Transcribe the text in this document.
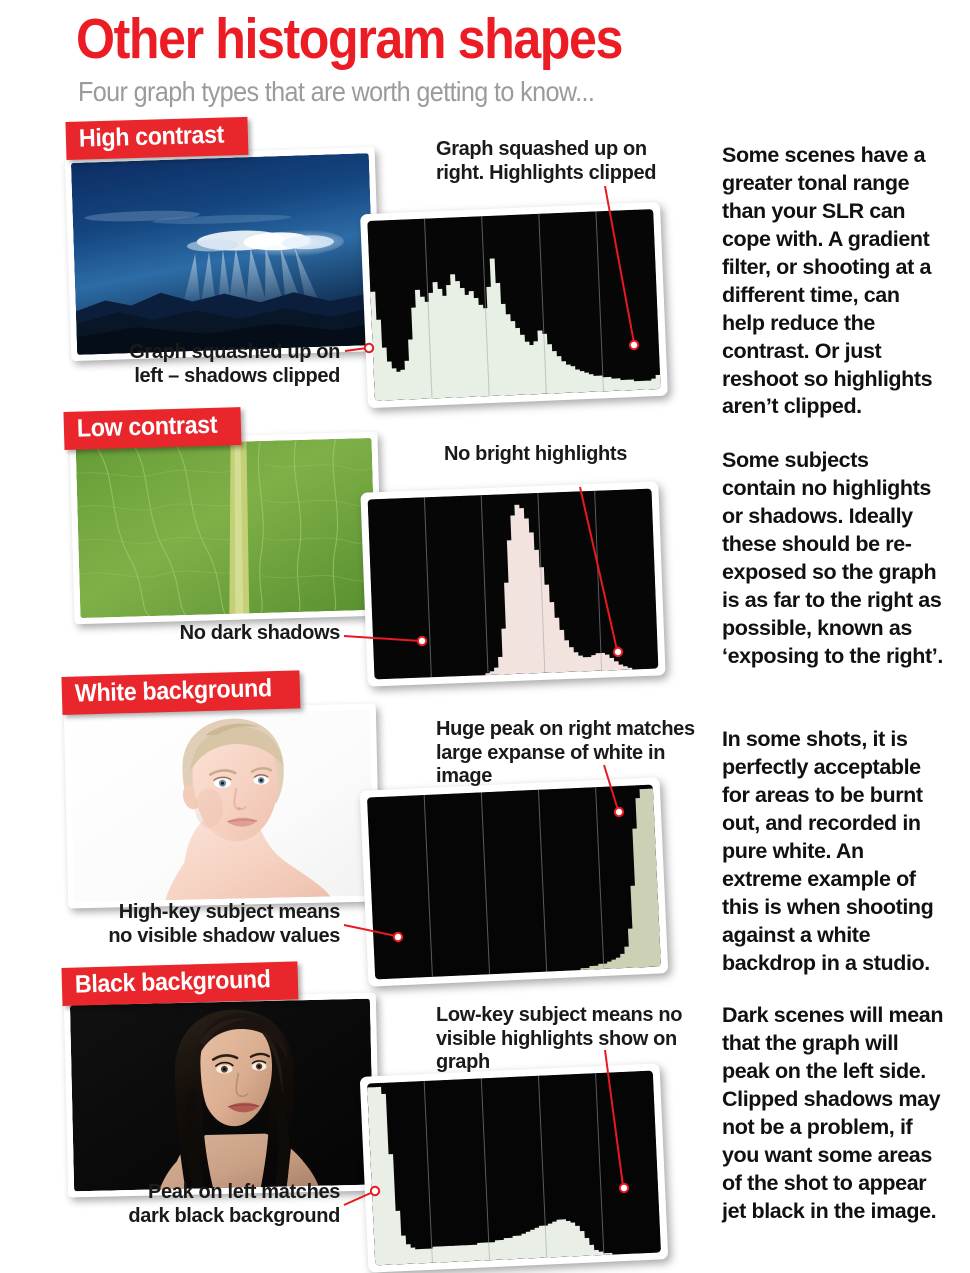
Other histogram shapes
Four graph types that are worth getting to know...
High contrast	Graph squashed up on right. Highlights clipped
Graph squashed up on left – shadows clipped
Some scenes have a greater tonal range than your SLR can cope with. A gradient filter, or shooting at a different time, can help reduce the contrast. Or just reshoot so highlights aren’t clipped.
Low contrast
No bright highlights
No dark shadows
Some subjects contain no highlights or shadows. Ideally these should be re-exposed so the graph is as far to the right as possible, known as ‘exposing to the right’.
White background
Huge peak on right matches large expanse of white in image
High-key subject means no visible shadow values
In some shots, it is perfectly acceptable for areas to be burnt out, and recorded in pure white. An extreme example of this is when shooting against a white backdrop in a studio.
Black background
Low-key subject means no visible highlights show on graph
Peak on left matches dark black background
Dark scenes will mean that the graph will peak on the left side. Clipped shadows may not be a problem, if you want some areas of the shot to appear jet black in the image.
